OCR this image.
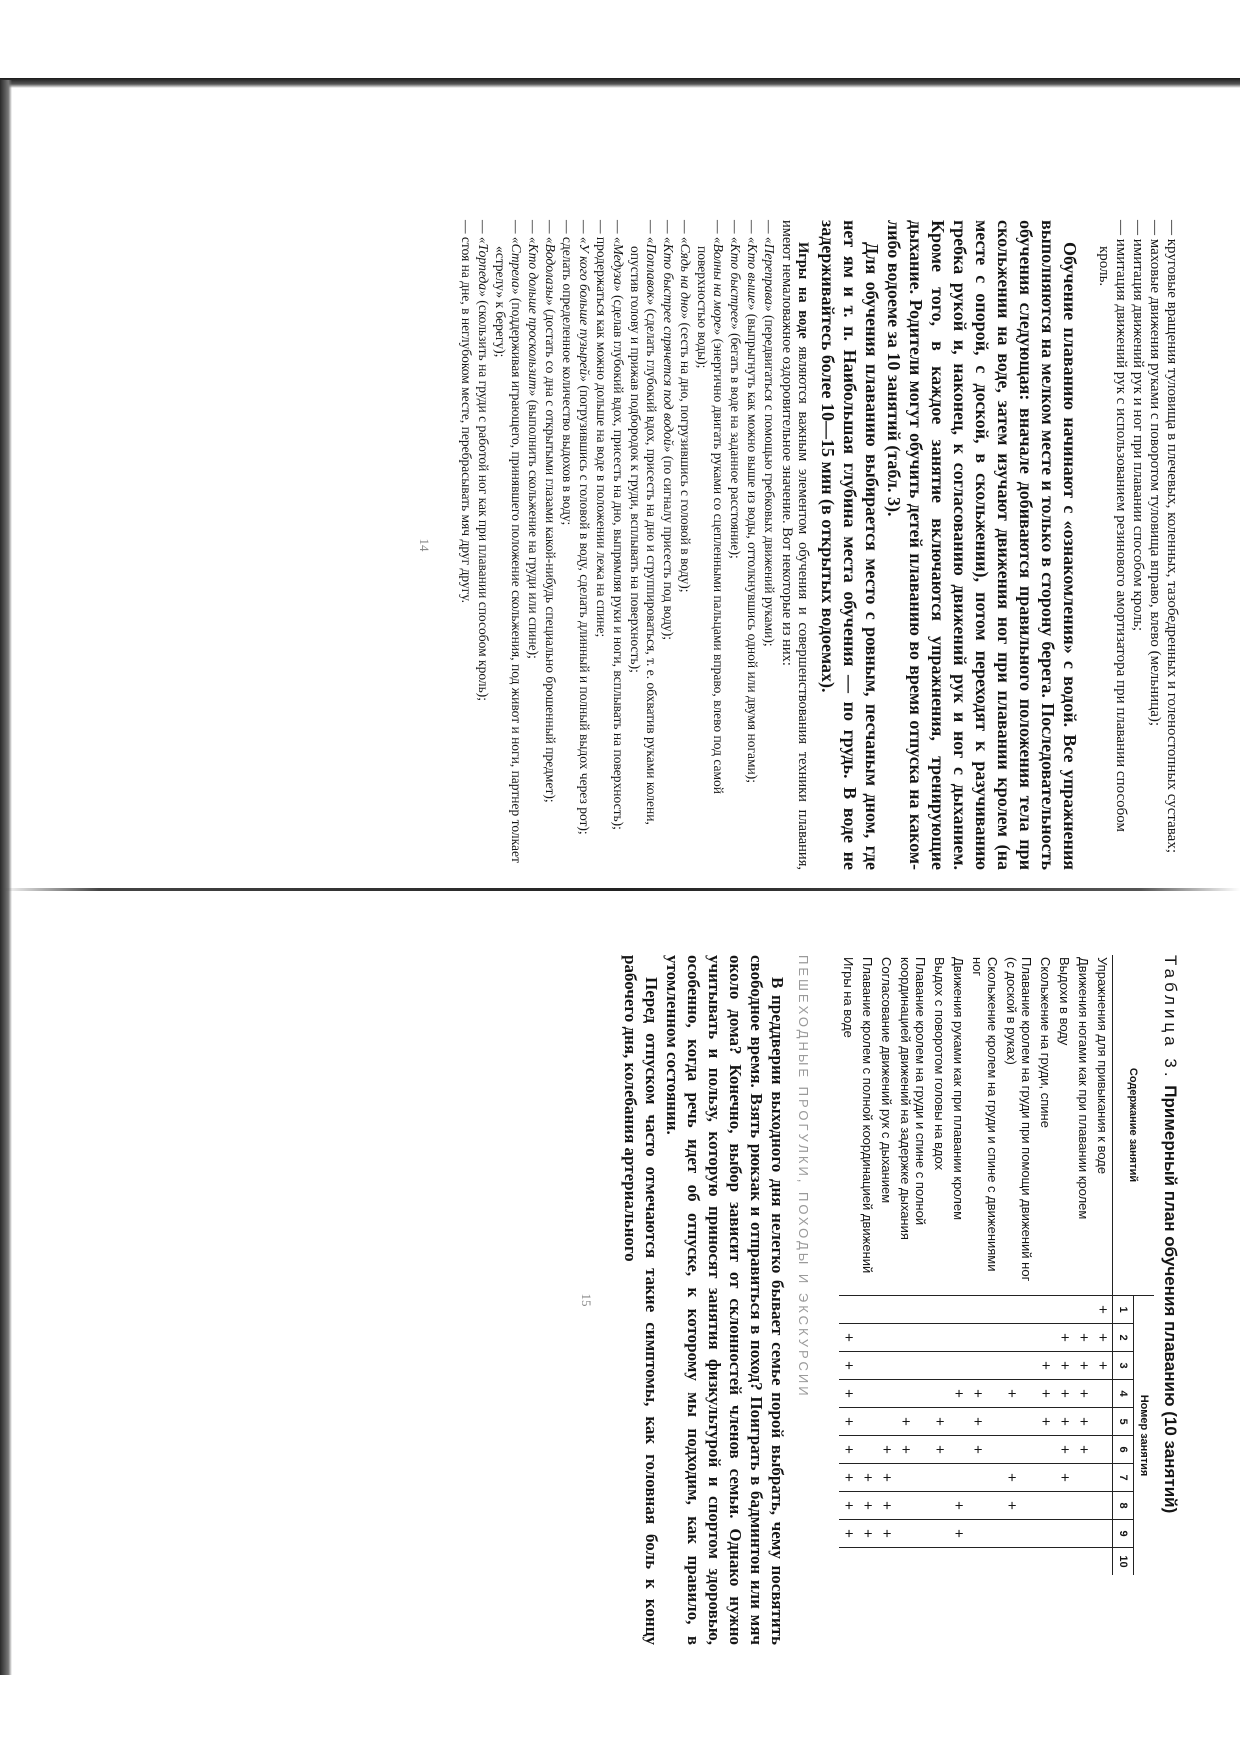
— круговые вращения туловища в плечевых, коленных, тазобедренных и голеностопных суставах;

— маховые движения руками с поворотом туловища вправо, влево (мельница);

— имитация движений рук и ног при плавании способом кроль;

— имитация движений рук с использованием резинового амортизатора при плавании способом кроль.

Обучение плаванию начинают с «ознакомления» с водой. Все упражнения выполняются на мелком месте и только в сторону берега. Последовательность обучения следующая: вначале добиваются правильного положения тела при скольжении на воде, затем изучают движения ног при плавании кролем (на месте с опорой, с доской, в скольжении), потом переходят к разучиванию гребка рукой и, наконец, к согласованию движений рук и ног с дыханием. Кроме того, в каждое занятие включаются упражнения, тренирующие дыхание. Родители могут обучить детей плаванию во время отпуска на каком-либо водоеме за 10 занятий (табл. 3).

Для обучения плаванию выбирается место с ровным, песчаным дном, где нет ям и т. п. Наибольшая глубина места обучения — по грудь. В воде не задерживайтесь более 10—15 мин (в открытых водоемах).

Игры на воде являются важным элементом обучения и совершенствования техники плавания, имеют немаловажное оздоровительное значение. Вот некоторые из них:

— «Переправа» (передвигаться с помощью гребковых движений руками);

— «Кто выше» (выпрыгнуть как можно выше из воды, оттолкнувшись одной или двумя ногами);

— «Кто быстрее» (бегать в воде на заданное расстояние);

— «Волны на море» (энергично двигать руками со сцепленными пальцами вправо, влево под самой поверхностью воды);

— «Сядь на дно» (сесть на дно, погрузившись с головой в воду);

— «Кто быстрее спрячется под водой» (по сигналу присесть под воду);

— «Поплавок» (сделать глубокий вдох, присесть на дно и сгруппироваться, т. е. обхватив руками колени, опустив голову и прижав подбородок к груди, всплывать на поверхность);

— «Медуза» (сделав глубокий вдох, присесть на дно, выпрямляя руки и ноги, всплывать на поверхность);

— продержаться как можно дольше на воде в положении лежа на спине;

— «У кого больше пузырей» (погрузившись с головой в воду, сделать длинный и полный выдох через рот);

— сделать определенное количество выдохов в воду;

— «Водолазы» (достать со дна с открытыми глазами какой-нибудь специально брошенный предмет);

— «Кто дольше проскользит» (выполнить скольжение на груди или спине);

— «Стрела» (поддерживая играющего, принявшего положение скольжения, под живот и ноги, партнер толкает «стрелу» к берегу);

— «Торпеда» (скользить на груди с работой ног как при плавании способом кроль);

— стоя на дне, в неглубоком месте, перебрасывать мяч друг другу.

14

Таблица 3. Примерный план обучения плаванию (10 занятий)

Содержание занятий	Номер занятия									
	1	2	3	4	5	6	7	8	9	10
Упражнения для привыкания к воде	+	+	+							
Движения ногами как при плавании кролем		+	+	+	+	+				
Выдохи в воду		+	+	+	+	+	+			
Скольжение на груди, спине			+	+	+					
Плавание кролем на груди при помощи движений ног (с доской в руках)				+			+	+		
Скольжение кролем на груди и спине с движениями ног				+	+	+				
Движения руками как при плавании кролем				+				+	+	
Выдох с поворотом головы на вдох					+	+				
Плавание кролем на груди и спине с полной координацией движений на задержке дыхания					+	+				
Согласование движений рук с дыханием						+	+	+	+	
Плавание кролем с полной координацией движений							+	+	+	
Игры на воде		+	+	+	+	+	+	+	+	
ПЕШЕХОДНЫЕ ПРОГУЛКИ, ПОХОДЫ И ЭКСКУРСИИ

В преддверии выходного дня нелегко бывает семье порой выбрать, чему посвятить свободное время. Взять рюкзак и отправиться в поход? Поиграть в бадминтон или мяч около дома? Конечно, выбор зависит от склонностей членов семьи. Однако нужно учитывать и пользу, которую приносят занятия физкультурой и спортом здоровью, особенно, когда речь идет об отпуске, к которому мы подходим, как правило, в утомленном состоянии.

Перед отпуском часто отмечаются такие симптомы, как головная боль к концу рабочего дня, колебания артериального

15
